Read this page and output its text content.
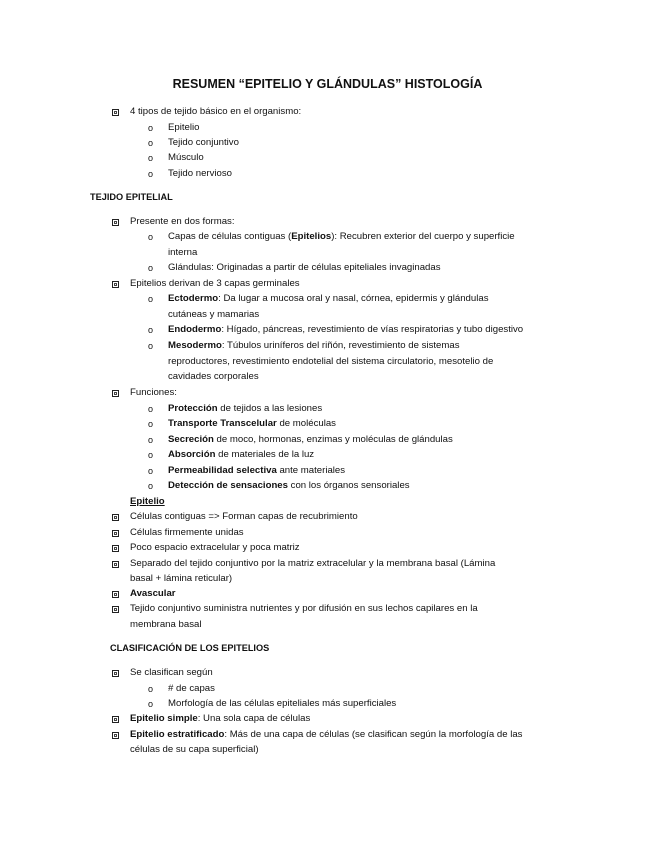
RESUMEN “EPITELIO Y GLÁNDULAS” HISTOLOGÍA
4 tipos de tejido básico en el organismo:
o Epitelio
o Tejido conjuntivo
o Músculo
o Tejido nervioso
TEJIDO EPITELIAL
Presente en dos formas:
o Capas de células contiguas (Epitelios): Recubren exterior del cuerpo y superficie
interna
o Glándulas: Originadas a partir de células epiteliales invaginadas
Epitelios derivan de 3 capas germinales
o Ectodermo: Da lugar a mucosa oral y nasal, córnea, epidermis y glándulas
cutáneas y mamarias
o Endodermo: Hígado, páncreas, revestimiento de vías respiratorias y tubo digestivo
o Mesodermo: Túbulos uriníferos del riñón, revestimiento de sistemas
reproductores, revestimiento endotelial del sistema circulatorio, mesotelio de
cavidades corporales
Funciones:
o Protección de tejidos a las lesiones
o Transporte Transcelular de moléculas
o Secreción de moco, hormonas, enzimas y moléculas de glándulas
o Absorción de materiales de la luz
o Permeabilidad selectiva ante materiales
o Detección de sensaciones con los órganos sensoriales
Epitelio
Células contiguas => Forman capas de recubrimiento
Células firmemente unidas
Poco espacio extracelular y poca matriz
Separado del tejido conjuntivo por la matriz extracelular y la membrana basal (Lámina
basal + lámina reticular)
Avascular
Tejido conjuntivo suministra nutrientes y por difusión en sus lechos capilares en la
membrana basal
CLASIFICACIÓN DE LOS EPITELIOS
Se clasifican según
o # de capas
o Morfología de las células epiteliales más superficiales
Epitelio simple: Una sola capa de células
Epitelio estratificado: Más de una capa de células (se clasifican según la morfología de las
células de su capa superficial)
